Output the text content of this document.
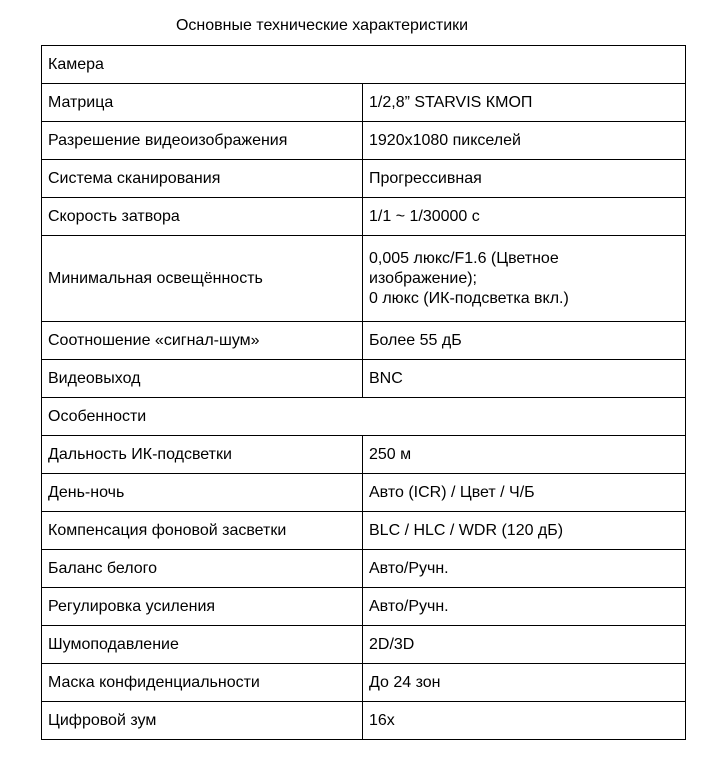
Основные технические характеристики
Камера	
Матрица	1/2,8” STARVIS КМОП
Разрешение видеоизображения	1920x1080 пикселей
Система сканирования	Прогрессивная
Скорость затвора	1/1 ~ 1/30000 с
Минимальная освещённость	0,005 люкс/F1.6 (Цветное
изображение);
0 люкс (ИК-подсветка вкл.)
Соотношение «сигнал-шум»	Более 55 дБ
Видеовыход	BNC
Особенности	
Дальность ИК-подсветки	250 м
День-ночь	Авто (ICR) / Цвет / Ч/Б
Компенсация фоновой засветки	BLC / HLC / WDR (120 дБ)
Баланс белого	Авто/Ручн.
Регулировка усиления	Авто/Ручн.
Шумоподавление	2D/3D
Маска конфиденциальности	До 24 зон
Цифровой зум	16x
